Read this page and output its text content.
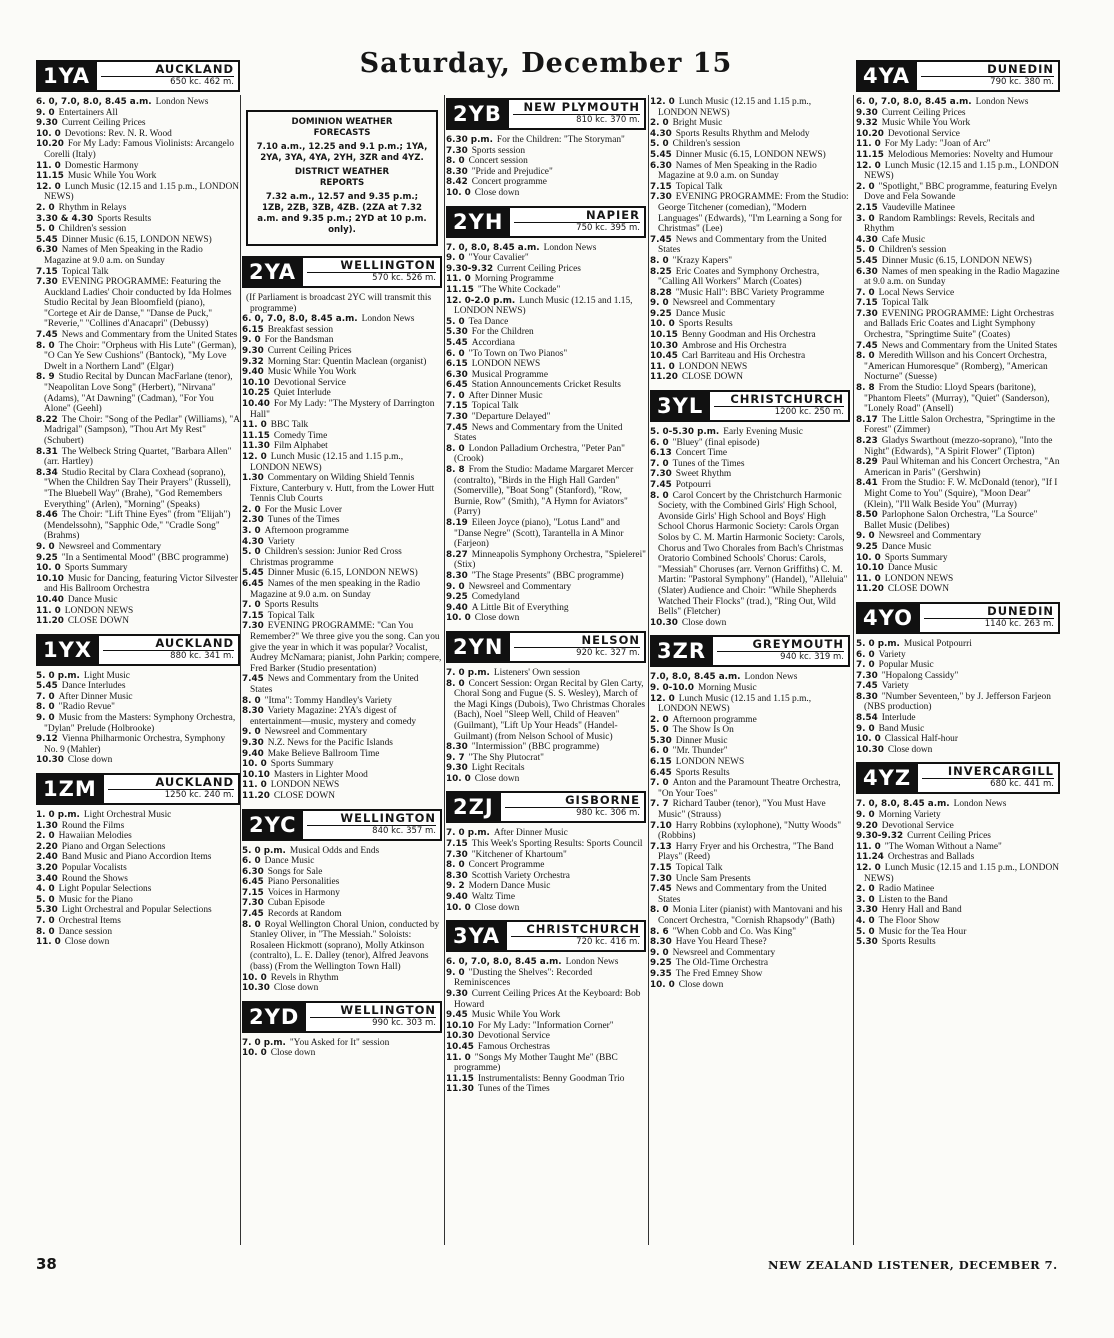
Saturday, December 15
1YA	AUCKLAND
650 kc. 462 m.

6. 0, 7.0, 8.0, 8.45 a.m. London News

9. 0 Entertainers All

9.30 Current Ceiling Prices

10. 0 Devotions: Rev. N. R. Wood

10.20 For My Lady: Famous Violinists: Arcangelo Corelli (Italy)

11. 0 Domestic Harmony

11.15 Music While You Work

12. 0 Lunch Music (12.15 and 1.15 p.m., LONDON NEWS)

2. 0 Rhythm in Relays

3.30 & 4.30 Sports Results

5. 0 Children's session

5.45 Dinner Music (6.15, LONDON NEWS)

6.30 Names of Men Speaking in the Radio Magazine at 9.0 a.m. on Sunday

7.15 Topical Talk

7.30 EVENING PROGRAMME: Featuring the Auckland Ladies' Choir conducted by Ida Holmes Studio Recital by Jean Bloomfield (piano), "Cortege et Air de Danse," "Danse de Puck," "Reverie," "Collines d'Anacapri" (Debussy)

7.45 News and Commentary from the United States

8. 0 The Choir: "Orpheus with His Lute" (German), "O Can Ye Sew Cushions" (Bantock), "My Love Dwelt in a Northern Land" (Elgar)

8. 9 Studio Recital by Duncan MacFarlane (tenor), "Neapolitan Love Song" (Herbert), "Nirvana" (Adams), "At Dawning" (Cadman), "For You Alone" (Geehl)

8.22 The Choir: "Song of the Pedlar" (Williams), "A Madrigal" (Sampson), "Thou Art My Rest" (Schubert)

8.31 The Welbeck String Quartet, "Barbara Allen" (arr. Hartley)

8.34 Studio Recital by Clara Coxhead (soprano), "When the Children Say Their Prayers" (Russell), "The Bluebell Way" (Brahe), "God Remembers Everything" (Arlen), "Morning" (Speaks)

8.46 The Choir: "Lift Thine Eyes" (from "Elijah") (Mendelssohn), "Sapphic Ode," "Cradle Song" (Brahms)

9. 0 Newsreel and Commentary

9.25 "In a Sentimental Mood" (BBC programme)

10. 0 Sports Summary

10.10 Music for Dancing, featuring Victor Silvester and His Ballroom Orchestra

10.40 Dance Music

11. 0 LONDON NEWS

11.20 CLOSE DOWN

1YX	AUCKLAND
880 kc. 341 m.

5. 0 p.m. Light Music

5.45 Dance Interludes

7. 0 After Dinner Music

8. 0 "Radio Revue"

9. 0 Music from the Masters: Symphony Orchestra, "Dylan" Prelude (Holbrooke)

9.12 Vienna Philharmonic Orchestra, Symphony No. 9 (Mahler)

10.30 Close down

1ZM	AUCKLAND
1250 kc. 240 m.

1. 0 p.m. Light Orchestral Music

1.30 Round the Films

2. 0 Hawaiian Melodies

2.20 Piano and Organ Selections

2.40 Band Music and Piano Accordion Items

3.20 Popular Vocalists

3.40 Round the Shows

4. 0 Light Popular Selections

5. 0 Music for the Piano

5.30 Light Orchestral and Popular Selections

7. 0 Orchestral Items

8. 0 Dance session

11. 0 Close down

DOMINION WEATHER
FORECASTS

7.10 a.m., 12.25 and 9.1 p.m.; 1YA, 2YA, 3YA, 4YA, 2YH, 3ZR and 4YZ.

DISTRICT WEATHER
REPORTS

7.32 a.m., 12.57 and 9.35 p.m.; 1ZB, 2ZB, 3ZB, 4ZB. (2ZA at 7.32 a.m. and 9.35 p.m.; 2YD at 10 p.m. only).

2YA	WELLINGTON
570 kc. 526 m.

(If Parliament is broadcast 2YC will transmit this programme)

6. 0, 7.0, 8.0, 8.45 a.m. London News

6.15 Breakfast session

9. 0 For the Bandsman

9.30 Current Ceiling Prices

9.32 Morning Star: Quentin Maclean (organist)

9.40 Music While You Work

10.10 Devotional Service

10.25 Quiet Interlude

10.40 For My Lady: "The Mystery of Darrington Hall"

11. 0 BBC Talk

11.15 Comedy Time

11.30 Film Alphabet

12. 0 Lunch Music (12.15 and 1.15 p.m., LONDON NEWS)

1.30 Commentary on Wilding Shield Tennis Fixture, Canterbury v. Hutt, from the Lower Hutt Tennis Club Courts

2. 0 For the Music Lover

2.30 Tunes of the Times

3. 0 Afternoon programme

4.30 Variety

5. 0 Children's session: Junior Red Cross Christmas programme

5.45 Dinner Music (6.15, LONDON NEWS)

6.45 Names of the men speaking in the Radio Magazine at 9.0 a.m. on Sunday

7. 0 Sports Results

7.15 Topical Talk

7.30 EVENING PROGRAMME: "Can You Remember?" We three give you the song. Can you give the year in which it was popular? Vocalist, Audrey McNamara; pianist, John Parkin; compere, Fred Barker (Studio presentation)

7.45 News and Commentary from the United States

8. 0 "Itma": Tommy Handley's Variety

8.30 Variety Magazine: 2YA's digest of entertainment—music, mystery and comedy

9. 0 Newsreel and Commentary

9.30 N.Z. News for the Pacific Islands

9.40 Make Believe Ballroom Time

10. 0 Sports Summary

10.10 Masters in Lighter Mood

11. 0 LONDON NEWS

11.20 CLOSE DOWN

2YC	WELLINGTON
840 kc. 357 m.

5. 0 p.m. Musical Odds and Ends

6. 0 Dance Music

6.30 Songs for Sale

6.45 Piano Personalities

7.15 Voices in Harmony

7.30 Cuban Episode

7.45 Records at Random

8. 0 Royal Wellington Choral Union, conducted by Stanley Oliver, in "The Messiah." Soloists: Rosaleen Hickmott (soprano), Molly Atkinson (contralto), L. E. Dalley (tenor), Alfred Jeavons (bass) (From the Wellington Town Hall)

10. 0 Revels in Rhythm

10.30 Close down

2YD	WELLINGTON
990 kc. 303 m.

7. 0 p.m. "You Asked for It" session

10. 0 Close down

2YB	NEW PLYMOUTH
810 kc. 370 m.

6.30 p.m. For the Children: "The Storyman"

7.30 Sports session

8. 0 Concert session

8.30 "Pride and Prejudice"

8.42 Concert programme

10. 0 Close down

2YH	NAPIER
750 kc. 395 m.

7. 0, 8.0, 8.45 a.m. London News

9. 0 "Your Cavalier"

9.30-9.32 Current Ceiling Prices

11. 0 Morning Programme

11.15 "The White Cockade"

12. 0-2.0 p.m. Lunch Music (12.15 and 1.15, LONDON NEWS)

5. 0 Tea Dance

5.30 For the Children

5.45 Accordiana

6. 0 "To Town on Two Pianos"

6.15 LONDON NEWS

6.30 Musical Programme

6.45 Station Announcements Cricket Results

7. 0 After Dinner Music

7.15 Topical Talk

7.30 "Departure Delayed"

7.45 News and Commentary from the United States

8. 0 London Palladium Orchestra, "Peter Pan" (Crook)

8. 8 From the Studio: Madame Margaret Mercer (contralto), "Birds in the High Hall Garden" (Somerville), "Boat Song" (Stanford), "Row, Burnie, Row" (Smith), "A Hymn for Aviators" (Parry)

8.19 Eileen Joyce (piano), "Lotus Land" and "Danse Negre" (Scott), Tarantella in A Minor (Farjeon)

8.27 Minneapolis Symphony Orchestra, "Spielerei" (Stix)

8.30 "The Stage Presents" (BBC programme)

9. 0 Newsreel and Commentary

9.25 Comedyland

9.40 A Little Bit of Everything

10. 0 Close down

2YN	NELSON
920 kc. 327 m.

7. 0 p.m. Listeners' Own session

8. 0 Concert Session: Organ Recital by Glen Carty, Choral Song and Fugue (S. S. Wesley), March of the Magi Kings (Dubois), Two Christmas Chorales (Bach), Noel "Sleep Well, Child of Heaven" (Guilmant), "Lift Up Your Heads" (Handel-Guilmant) (from Nelson School of Music)

8.30 "Intermission" (BBC programme)

9. 7 "The Shy Plutocrat"

9.30 Light Recitals

10. 0 Close down

2ZJ	GISBORNE
980 kc. 306 m.

7. 0 p.m. After Dinner Music

7.15 This Week's Sporting Results: Sports Council

7.30 "Kitchener of Khartoum"

8. 0 Concert Programme

8.30 Scottish Variety Orchestra

9. 2 Modern Dance Music

9.40 Waltz Time

10. 0 Close down

3YA	CHRISTCHURCH
720 kc. 416 m.

6. 0, 7.0, 8.0, 8.45 a.m. London News

9. 0 "Dusting the Shelves": Recorded Reminiscences

9.30 Current Ceiling Prices At the Keyboard: Bob Howard

9.45 Music While You Work

10.10 For My Lady: "Information Corner"

10.30 Devotional Service

10.45 Famous Orchestras

11. 0 "Songs My Mother Taught Me" (BBC programme)

11.15 Instrumentalists: Benny Goodman Trio

11.30 Tunes of the Times

12. 0 Lunch Music (12.15 and 1.15 p.m., LONDON NEWS)

2. 0 Bright Music

4.30 Sports Results Rhythm and Melody

5. 0 Children's session

5.45 Dinner Music (6.15, LONDON NEWS)

6.30 Names of Men Speaking in the Radio Magazine at 9.0 a.m. on Sunday

7.15 Topical Talk

7.30 EVENING PROGRAMME: From the Studio: George Titchener (comedian), "Modern Languages" (Edwards), "I'm Learning a Song for Christmas" (Lee)

7.45 News and Commentary from the United States

8. 0 "Krazy Kapers"

8.25 Eric Coates and Symphony Orchestra, "Calling All Workers" March (Coates)

8.28 "Music Hall": BBC Variety Programme

9. 0 Newsreel and Commentary

9.25 Dance Music

10. 0 Sports Results

10.15 Benny Goodman and His Orchestra

10.30 Ambrose and His Orchestra

10.45 Carl Barriteau and His Orchestra

11. 0 LONDON NEWS

11.20 CLOSE DOWN

3YL	CHRISTCHURCH
1200 kc. 250 m.

5. 0-5.30 p.m. Early Evening Music

6. 0 "Bluey" (final episode)

6.13 Concert Time

7. 0 Tunes of the Times

7.30 Sweet Rhythm

7.45 Potpourri

8. 0 Carol Concert by the Christchurch Harmonic Society, with the Combined Girls' High School, Avonside Girls' High School and Boys' High School Chorus Harmonic Society: Carols Organ Solos by C. M. Martin Harmonic Society: Carols, Chorus and Two Chorales from Bach's Christmas Oratorio Combined Schools' Chorus: Carols, "Messiah" Choruses (arr. Vernon Griffiths) C. M. Martin: "Pastoral Symphony" (Handel), "Alleluia" (Slater) Audience and Choir: "While Shepherds Watched Their Flocks" (trad.), "Ring Out, Wild Bells" (Fletcher)

10.30 Close down

3ZR	GREYMOUTH
940 kc. 319 m.

7.0, 8.0, 8.45 a.m. London News

9. 0-10.0 Morning Music

12. 0 Lunch Music (12.15 and 1.15 p.m., LONDON NEWS)

2. 0 Afternoon programme

5. 0 The Show Is On

5.30 Dinner Music

6. 0 "Mr. Thunder"

6.15 LONDON NEWS

6.45 Sports Results

7. 0 Anton and the Paramount Theatre Orchestra, "On Your Toes"

7. 7 Richard Tauber (tenor), "You Must Have Music" (Strauss)

7.10 Harry Robbins (xylophone), "Nutty Woods" (Robbins)

7.13 Harry Fryer and his Orchestra, "The Band Plays" (Reed)

7.15 Topical Talk

7.30 Uncle Sam Presents

7.45 News and Commentary from the United States

8. 0 Monia Liter (pianist) with Mantovani and his Concert Orchestra, "Cornish Rhapsody" (Bath)

8. 6 "When Cobb and Co. Was King"

8.30 Have You Heard These?

9. 0 Newsreel and Commentary

9.25 The Old-Time Orchestra

9.35 The Fred Emney Show

10. 0 Close down

4YA	DUNEDIN
790 kc. 380 m.

6. 0, 7.0, 8.0, 8.45 a.m. London News

9.30 Current Ceiling Prices

9.32 Music While You Work

10.20 Devotional Service

11. 0 For My Lady: "Joan of Arc"

11.15 Melodious Memories: Novelty and Humour

12. 0 Lunch Music (12.15 and 1.15 p.m., LONDON NEWS)

2. 0 "Spotlight," BBC programme, featuring Evelyn Dove and Fela Sowande

2.15 Vaudeville Matinee

3. 0 Random Ramblings: Revels, Recitals and Rhythm

4.30 Cafe Music

5. 0 Children's session

5.45 Dinner Music (6.15, LONDON NEWS)

6.30 Names of men speaking in the Radio Magazine at 9.0 a.m. on Sunday

7. 0 Local News Service

7.15 Topical Talk

7.30 EVENING PROGRAMME: Light Orchestras and Ballads Eric Coates and Light Symphony Orchestra, "Springtime Suite" (Coates)

7.45 News and Commentary from the United States

8. 0 Meredith Willson and his Concert Orchestra, "American Humoresque" (Romberg), "American Nocturne" (Suesse)

8. 8 From the Studio: Lloyd Spears (baritone), "Phantom Fleets" (Murray), "Quiet" (Sanderson), "Lonely Road" (Ansell)

8.17 The Little Salon Orchestra, "Springtime in the Forest" (Zimmer)

8.23 Gladys Swarthout (mezzo-soprano), "Into the Night" (Edwards), "A Spirit Flower" (Tipton)

8.29 Paul Whiteman and his Concert Orchestra, "An American in Paris" (Gershwin)

8.41 From the Studio: F. W. McDonald (tenor), "If I Might Come to You" (Squire), "Moon Dear" (Klein), "I'll Walk Beside You" (Murray)

8.50 Parlophone Salon Orchestra, "La Source" Ballet Music (Delibes)

9. 0 Newsreel and Commentary

9.25 Dance Music

10. 0 Sports Summary

10.10 Dance Music

11. 0 LONDON NEWS

11.20 CLOSE DOWN

4YO	DUNEDIN
1140 kc. 263 m.

5. 0 p.m. Musical Potpourri

6. 0 Variety

7. 0 Popular Music

7.30 "Hopalong Cassidy"

7.45 Variety

8.30 "Number Seventeen," by J. Jefferson Farjeon (NBS production)

8.54 Interlude

9. 0 Band Music

10. 0 Classical Half-hour

10.30 Close down

4YZ	INVERCARGILL
680 kc. 441 m.

7. 0, 8.0, 8.45 a.m. London News

9. 0 Morning Variety

9.20 Devotional Service

9.30-9.32 Current Ceiling Prices

11. 0 "The Woman Without a Name"

11.24 Orchestras and Ballads

12. 0 Lunch Music (12.15 and 1.15 p.m., LONDON NEWS)

2. 0 Radio Matinee

3. 0 Listen to the Band

3.30 Henry Hall and Band

4. 0 The Floor Show

5. 0 Music for the Tea Hour

5.30 Sports Results

38	NEW ZEALAND LISTENER, DECEMBER 7.
